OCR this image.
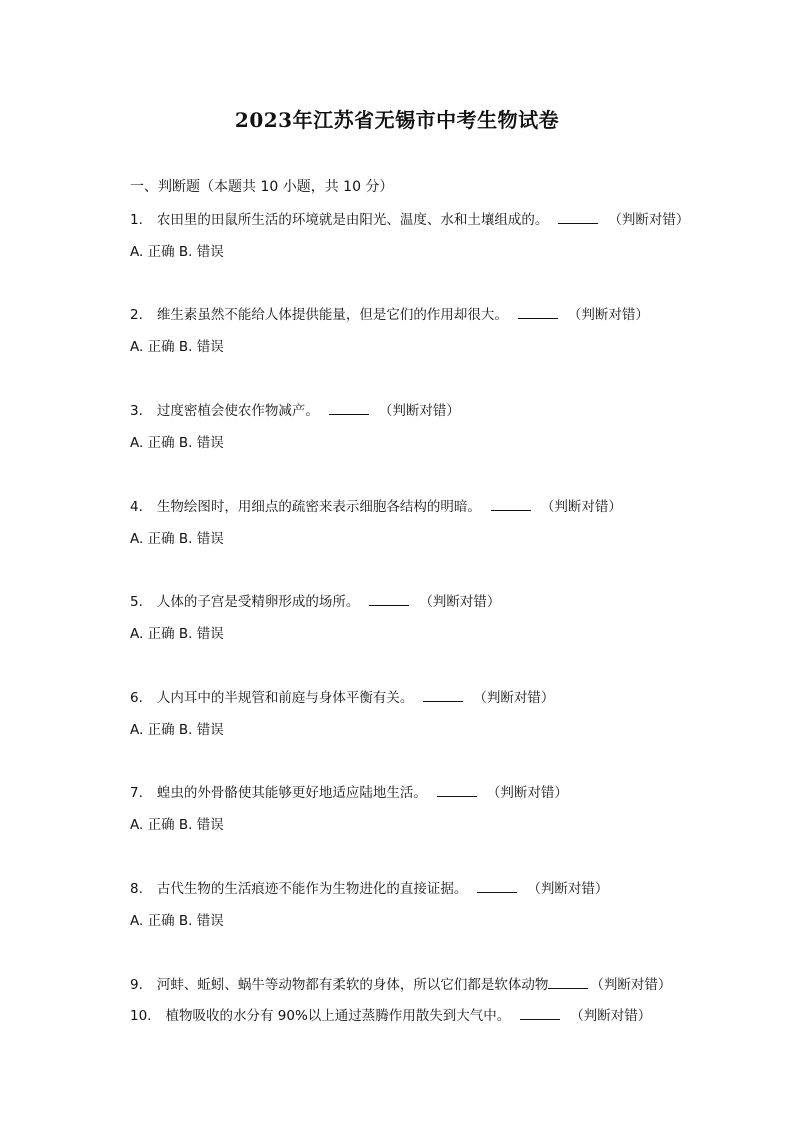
2023年江苏省无锡市中考生物试卷
一、判断题（本题共 10 小题，共 10 分）
1. 农田里的田鼠所生活的环境就是由阳光、温度、水和土壤组成的。	（判断对错）
A. 正确 B. 错误
2. 维生素虽然不能给人体提供能量，但是它们的作用却很大。	（判断对错）
A. 正确 B. 错误
3. 过度密植会使农作物减产。	（判断对错）
A. 正确 B. 错误
4. 生物绘图时，用细点的疏密来表示细胞各结构的明暗。	（判断对错）
A. 正确 B. 错误
5. 人体的子宫是受精卵形成的场所。	（判断对错）
A. 正确 B. 错误
6. 人内耳中的半规管和前庭与身体平衡有关。	（判断对错）
A. 正确 B. 错误
7. 蝗虫的外骨骼使其能够更好地适应陆地生活。	（判断对错）
A. 正确 B. 错误
8. 古代生物的生活痕迹不能作为生物进化的直接证据。	（判断对错）
A. 正确 B. 错误
9. 河蚌、蚯蚓、蜗牛等动物都有柔软的身体，所以它们都是软体动物	（判断对错）
10. 植物吸收的水分有 90%以上通过蒸腾作用散失到大气中。	（判断对错）
